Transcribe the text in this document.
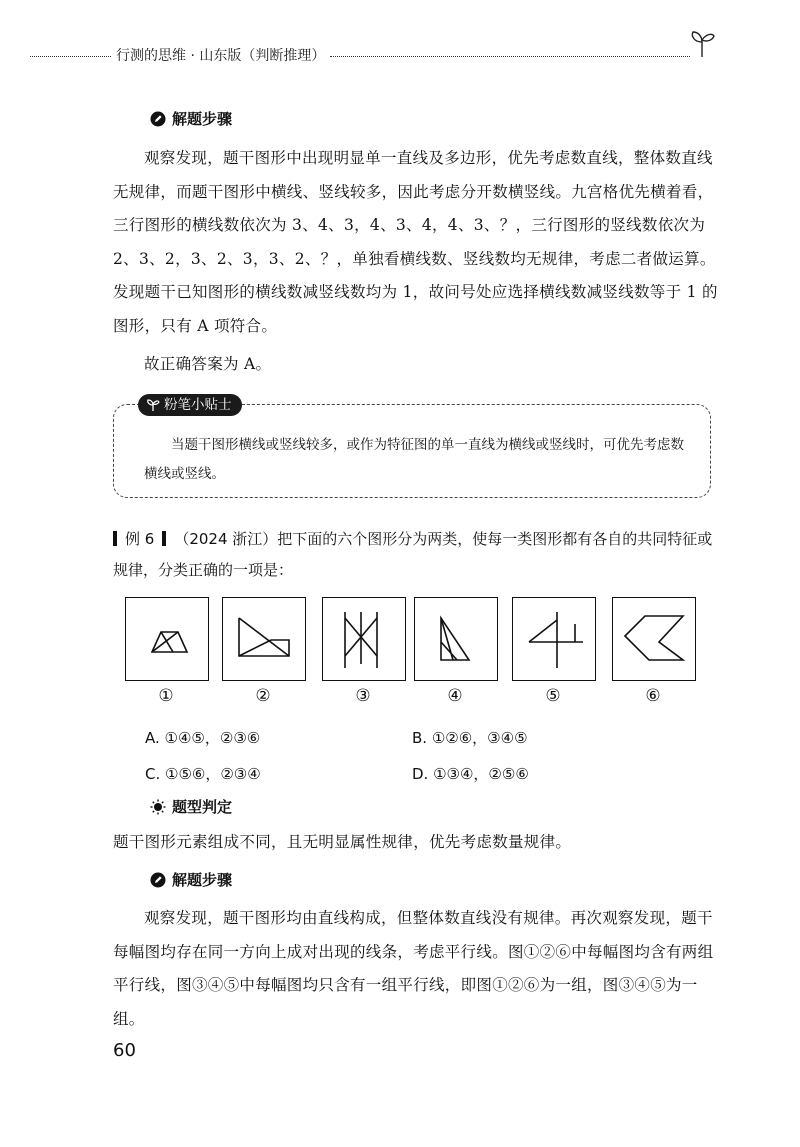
行测的思维 · 山东版（判断推理）
解题步骤

观察发现，题干图形中出现明显单一直线及多边形，优先考虑数直线，整体数直线无规律，而题干图形中横线、竖线较多，因此考虑分开数横竖线。九宫格优先横着看，三行图形的横线数依次为 3、4、3，4、3、4，4、3、？，三行图形的竖线数依次为 2、3、2，3、2、3，3、2、？，单独看横线数、竖线数均无规律，考虑二者做运算。发现题干已知图形的横线数减竖线数均为 1，故问号处应选择横线数减竖线数等于 1 的图形，只有 A 项符合。

故正确答案为 A。

粉笔小贴士

当题干图形横线或竖线较多，或作为特征图的单一直线为横线或竖线时，可优先考虑数横线或竖线。

例 6 （2024 浙江）把下面的六个图形分为两类，使每一类图形都有各自的共同特征或规律，分类正确的一项是：
①	②	③	④	⑤	⑥
A. ①④⑤，②③⑥	B. ①②⑥，③④⑤
C. ①⑤⑥，②③④	D. ①③④，②⑤⑥
题型判定

题干图形元素组成不同，且无明显属性规律，优先考虑数量规律。

解题步骤

观察发现，题干图形均由直线构成，但整体数直线没有规律。再次观察发现，题干每幅图均存在同一方向上成对出现的线条，考虑平行线。图①②⑥中每幅图均含有两组平行线，图③④⑤中每幅图均只含有一组平行线，即图①②⑥为一组，图③④⑤为一组。

60
